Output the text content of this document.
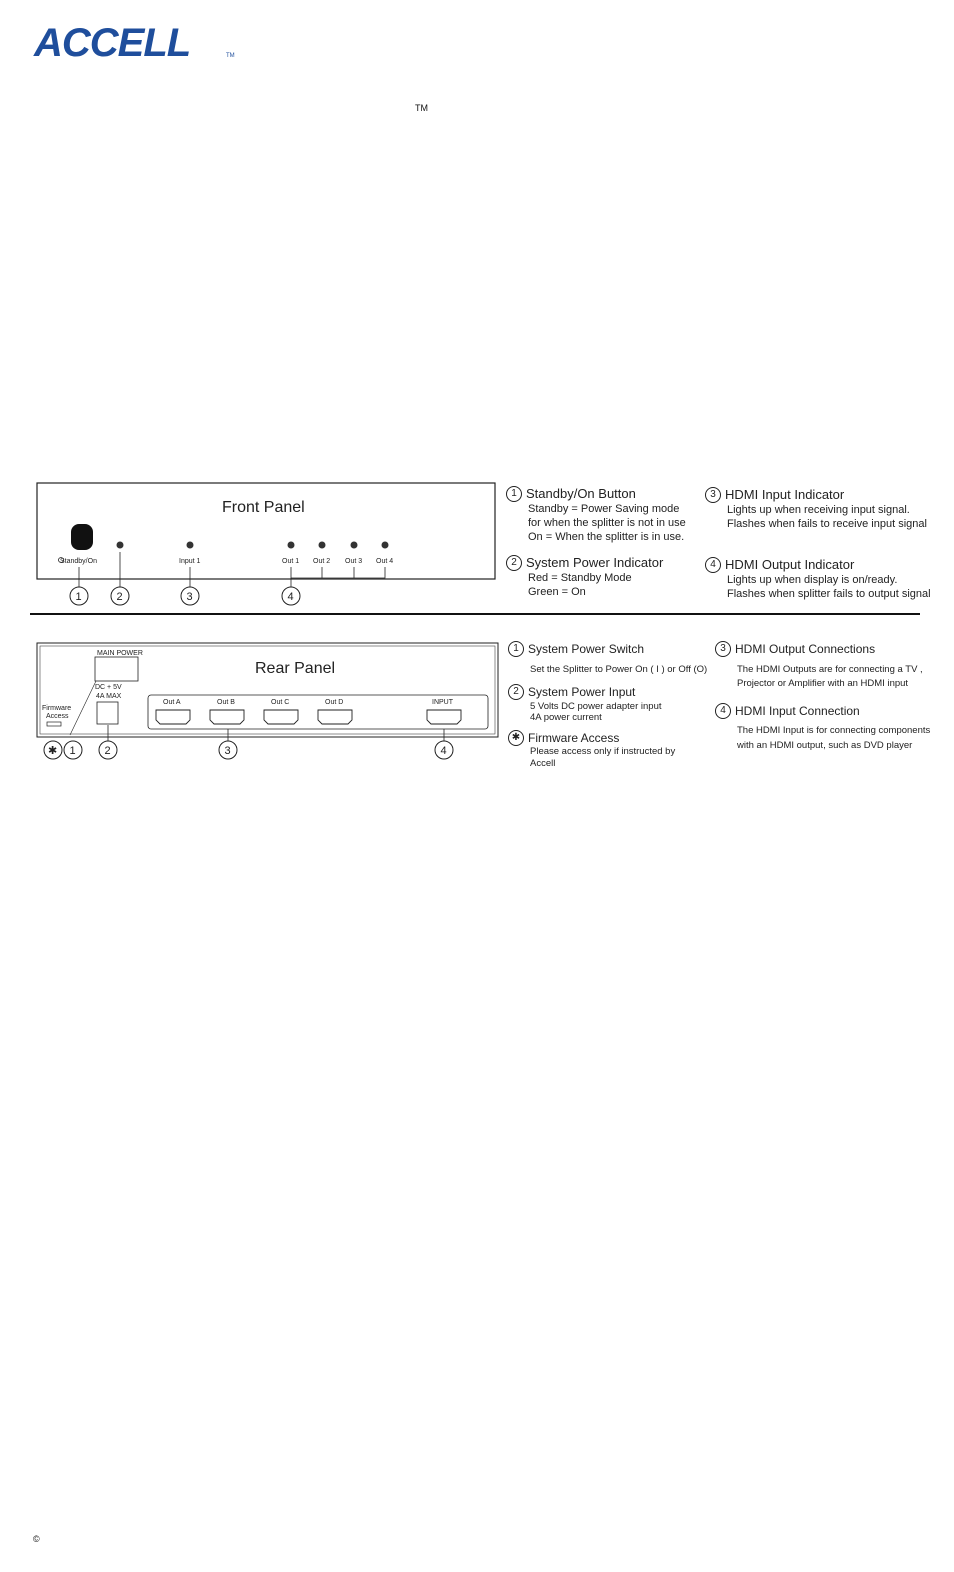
ACCELL	TM
TM
Front Panel
Standby/On	Input 1	Out 1 Out 2 Out 3 Out 4
1	2	3	4
1 Standby/On Button
Standby = Power Saving mode
for when the splitter is not in use
On = When the splitter is in use.
2 System Power Indicator
Red = Standby Mode
Green = On
3 HDMI Input Indicator
Lights up when receiving input signal.
Flashes when fails to receive input signal
4 HDMI Output Indicator
Lights up when display is on/ready.
Flashes when splitter fails to output signal
Rear Panel
MAIN POWER
DC + 5V
4A MAX
Firmware
Access
Out A	Out B	Out C	Out D	INPUT
✱ 1	2	3	4
1 System Power Switch
Set the Splitter to Power On ( I ) or Off (O)
2 System Power Input
5 Volts DC power adapter input
4A power current
✱ Firmware Access
Please access only if instructed by
Accell
3 HDMI Output Connections
The HDMI Outputs are for connecting a TV ,
Projector or Amplifier with an HDMI input
4 HDMI Input Connection
The HDMI Input is for connecting components
with an HDMI output, such as DVD player
©
